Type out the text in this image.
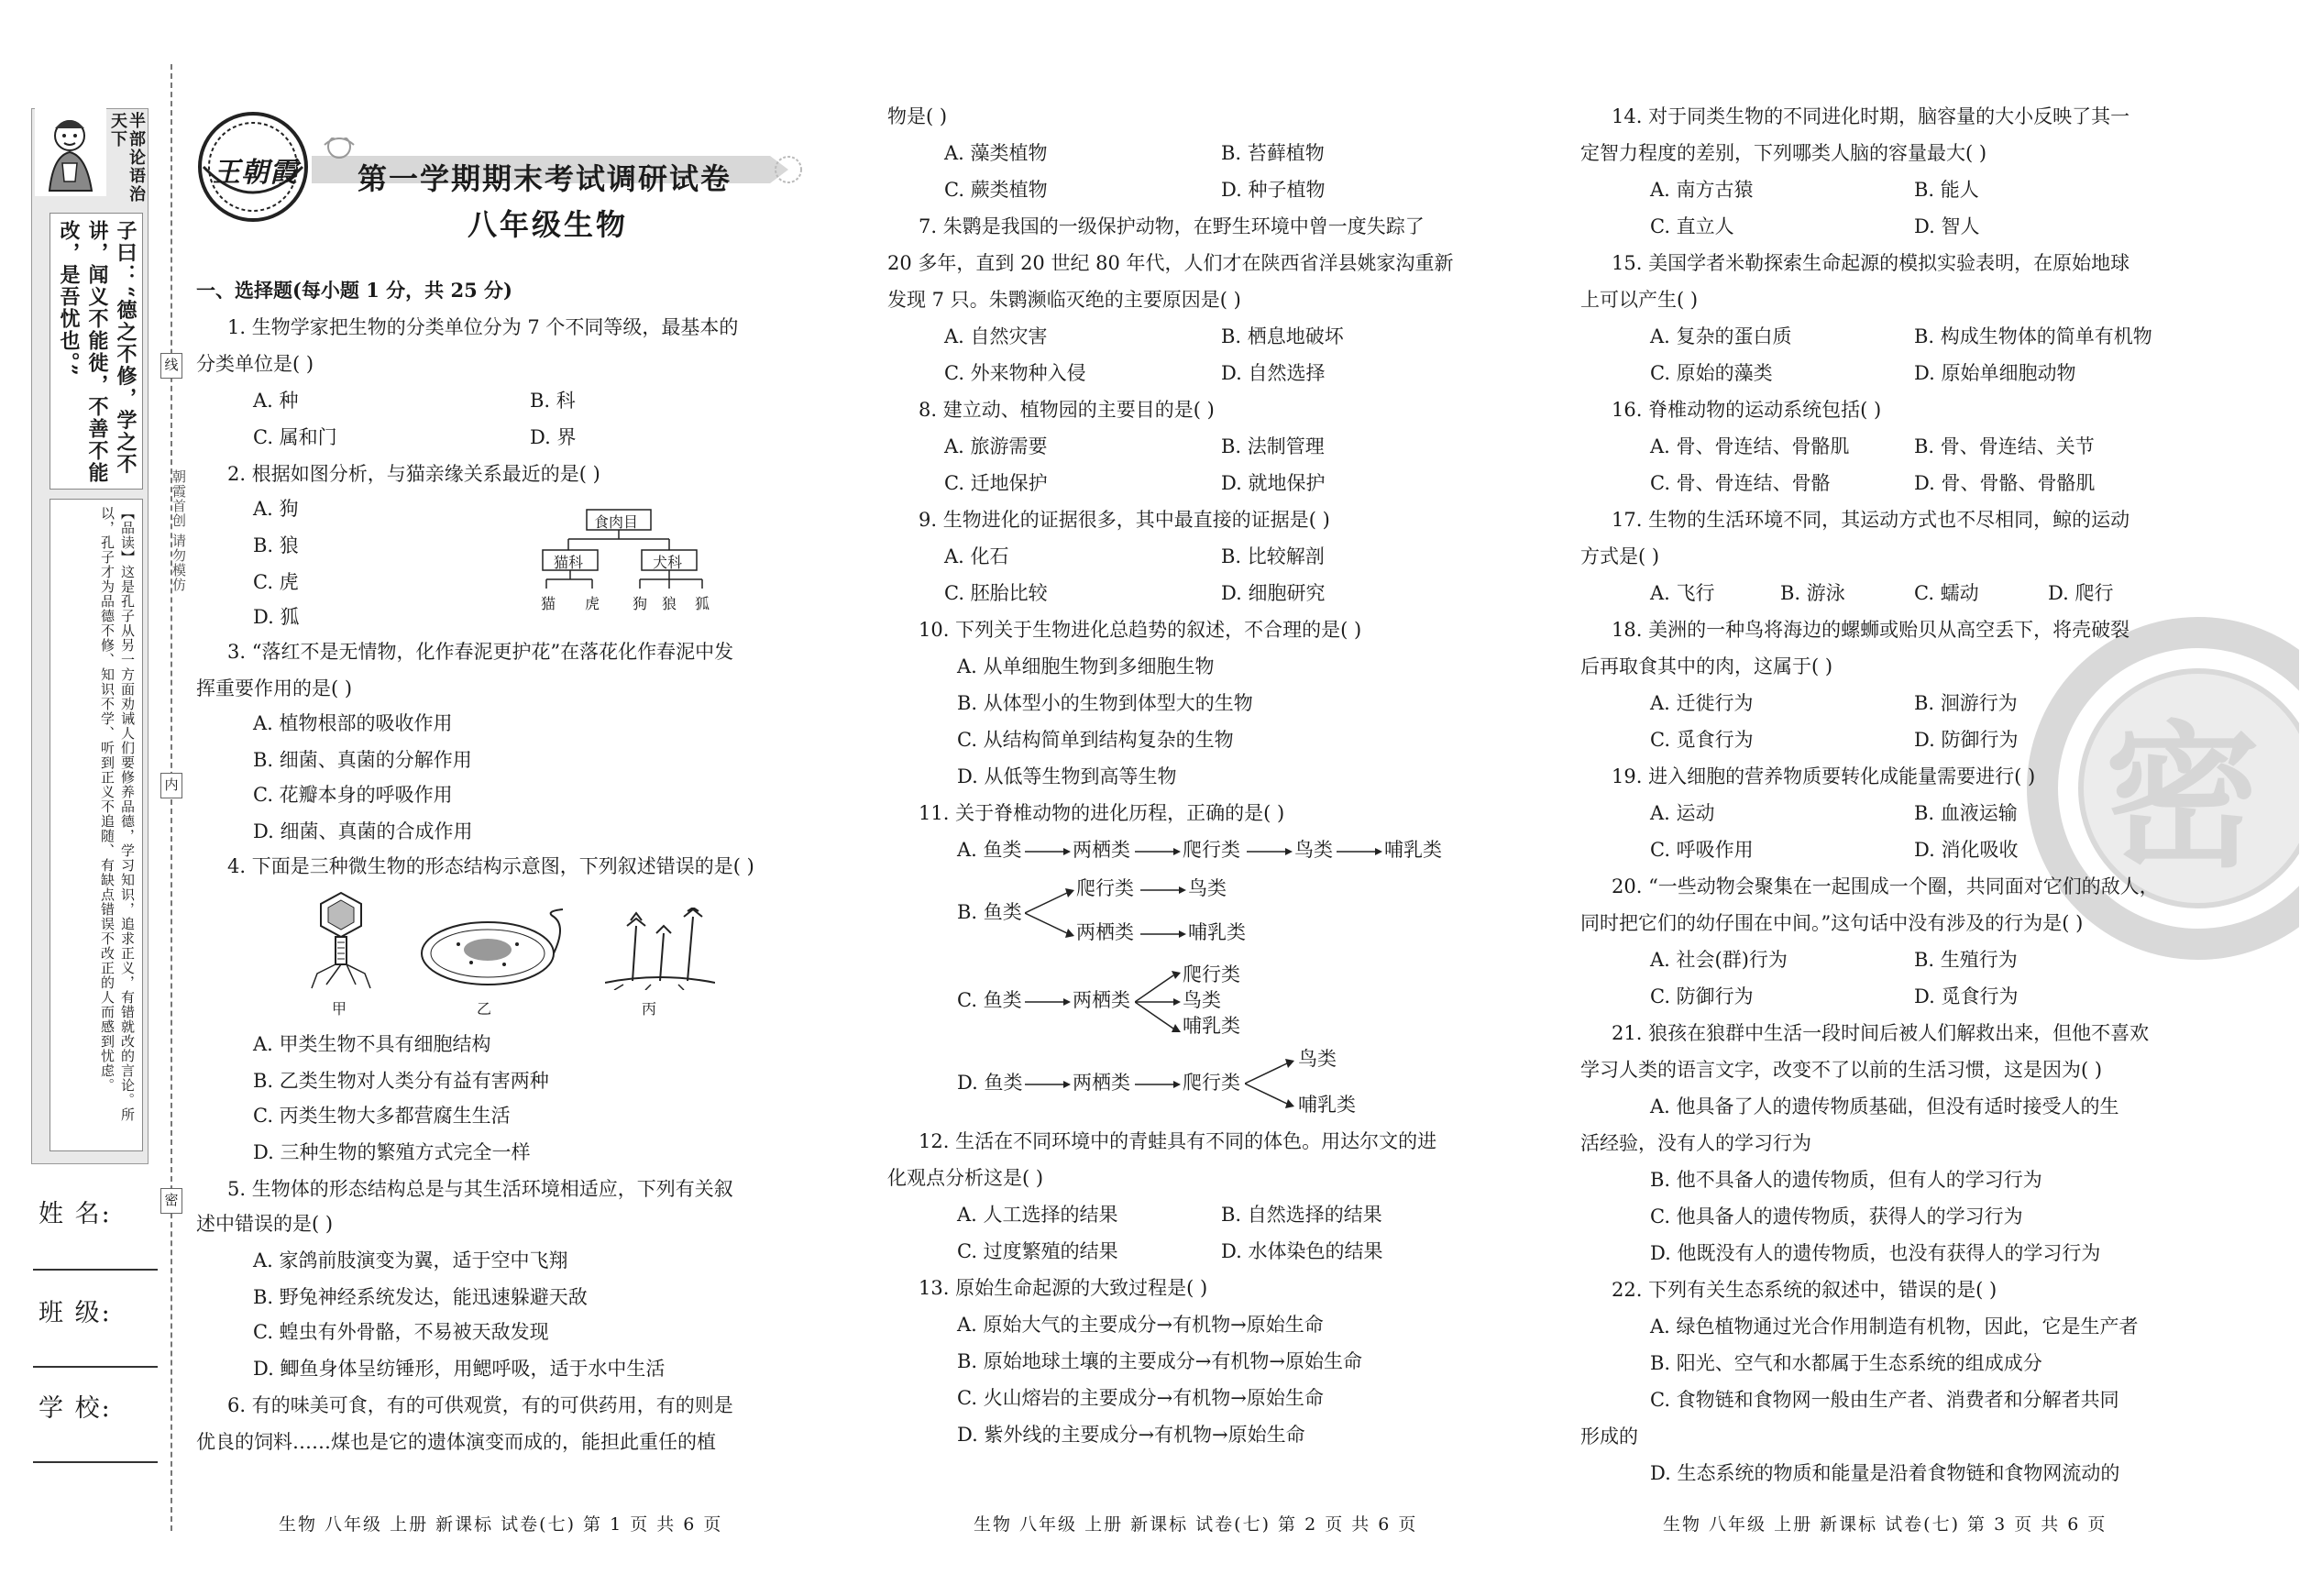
半部论语治天下
子曰：“德之不修，学之不讲，闻义不能徙，不善不能改，是吾忧也。”
【品读】这是孔子从另一方面劝诫人们要修养品德，学习知识，追求正义，有错就改的言论。所以，孔子才为品德不修、知识不学、听到正义不追随、有缺点错误不改正的人而感到忧虑。	朝霞首创 请勿模仿
姓 名:
班 级:
学 校:
线
内
密
王朝霞 第一学期期末考试调研试卷
八年级生物
一、选择题(每小题 1 分，共 25 分)
1. 生物学家把生物的分类单位分为 7 个不同等级，最基本的
分类单位是( )
A. 种	B. 科
C. 属和门	D. 界
2. 根据如图分析，与猫亲缘关系最近的是( )
A. 狗
B. 狼
C. 虎
D. 狐
食肉目
猫科	犬科
猫 虎 狗 狼 狐
3. “落红不是无情物，化作春泥更护花”在落花化作春泥中发
挥重要作用的是( )
A. 植物根部的吸收作用
B. 细菌、真菌的分解作用
C. 花瓣本身的呼吸作用
D. 细菌、真菌的合成作用
4. 下面是三种微生物的形态结构示意图，下列叙述错误的是( )
甲	乙	丙
A. 甲类生物不具有细胞结构
B. 乙类生物对人类分有益有害两种
C. 丙类生物大多都营腐生生活
D. 三种生物的繁殖方式完全一样
5. 生物体的形态结构总是与其生活环境相适应，下列有关叙
述中错误的是( )
A. 家鸽前肢演变为翼，适于空中飞翔
B. 野兔神经系统发达，能迅速躲避天敌
C. 蝗虫有外骨骼，不易被天敌发现
D. 鲫鱼身体呈纺锤形，用鳃呼吸，适于水中生活
6. 有的味美可食，有的可供观赏，有的可供药用，有的则是
优良的饲料……煤也是它的遗体演变而成的，能担此重任的植
生物 八年级 上册 新课标 试卷(七) 第 1 页 共 6 页
物是( )
A. 藻类植物	B. 苔藓植物
C. 蕨类植物	D. 种子植物
7. 朱鹮是我国的一级保护动物，在野生环境中曾一度失踪了
20 多年，直到 20 世纪 80 年代，人们才在陕西省洋县姚家沟重新
发现 7 只。朱鹮濒临灭绝的主要原因是( )
A. 自然灾害	B. 栖息地破坏
C. 外来物种入侵	D. 自然选择
8. 建立动、植物园的主要目的是( )
A. 旅游需要	B. 法制管理
C. 迁地保护	D. 就地保护
9. 生物进化的证据很多，其中最直接的证据是( )
A. 化石	B. 比较解剖
C. 胚胎比较	D. 细胞研究
10. 下列关于生物进化总趋势的叙述，不合理的是( )
A. 从单细胞生物到多细胞生物
B. 从体型小的生物到体型大的生物
C. 从结构简单到结构复杂的生物
D. 从低等生物到高等生物
11. 关于脊椎动物的进化历程，正确的是( )
A. 鱼类	两栖类	爬行类	鸟类	哺乳类
B. 鱼类
爬行类	鸟类
两栖类	哺乳类
C. 鱼类	两栖类
爬行类
鸟类
哺乳类
D. 鱼类	两栖类	爬行类
鸟类
哺乳类
12. 生活在不同环境中的青蛙具有不同的体色。用达尔文的进
化观点分析这是( )
A. 人工选择的结果	B. 自然选择的结果
C. 过度繁殖的结果	D. 水体染色的结果
13. 原始生命起源的大致过程是( )
A. 原始大气的主要成分→有机物→原始生命
B. 原始地球土壤的主要成分→有机物→原始生命
C. 火山熔岩的主要成分→有机物→原始生命
D. 紫外线的主要成分→有机物→原始生命
生物 八年级 上册 新课标 试卷(七) 第 2 页 共 6 页
密
14. 对于同类生物的不同进化时期，脑容量的大小反映了其一
定智力程度的差别，下列哪类人脑的容量最大( )
A. 南方古猿	B. 能人
C. 直立人	D. 智人
15. 美国学者米勒探索生命起源的模拟实验表明，在原始地球
上可以产生( )
A. 复杂的蛋白质	B. 构成生物体的简单有机物
C. 原始的藻类	D. 原始单细胞动物
16. 脊椎动物的运动系统包括( )
A. 骨、骨连结、骨骼肌	B. 骨、骨连结、关节
C. 骨、骨连结、骨骼	D. 骨、骨骼、骨骼肌
17. 生物的生活环境不同，其运动方式也不尽相同，鲸的运动
方式是( )
A. 飞行	B. 游泳	C. 蠕动	D. 爬行
18. 美洲的一种鸟将海边的螺蛳或贻贝从高空丢下，将壳破裂
后再取食其中的肉，这属于( )
A. 迁徙行为	B. 洄游行为
C. 觅食行为	D. 防御行为
19. 进入细胞的营养物质要转化成能量需要进行( )
A. 运动	B. 血液运输
C. 呼吸作用	D. 消化吸收
20. “一些动物会聚集在一起围成一个圈，共同面对它们的敌人，
同时把它们的幼仔围在中间。”这句话中没有涉及的行为是( )
A. 社会(群)行为	B. 生殖行为
C. 防御行为	D. 觅食行为
21. 狼孩在狼群中生活一段时间后被人们解救出来，但他不喜欢
学习人类的语言文字，改变不了以前的生活习惯，这是因为( )
A. 他具备了人的遗传物质基础，但没有适时接受人的生
活经验，没有人的学习行为
B. 他不具备人的遗传物质，但有人的学习行为
C. 他具备人的遗传物质，获得人的学习行为
D. 他既没有人的遗传物质，也没有获得人的学习行为
22. 下列有关生态系统的叙述中，错误的是( )
A. 绿色植物通过光合作用制造有机物，因此，它是生产者
B. 阳光、空气和水都属于生态系统的组成成分
C. 食物链和食物网一般由生产者、消费者和分解者共同
形成的
D. 生态系统的物质和能量是沿着食物链和食物网流动的
生物 八年级 上册 新课标 试卷(七) 第 3 页 共 6 页
